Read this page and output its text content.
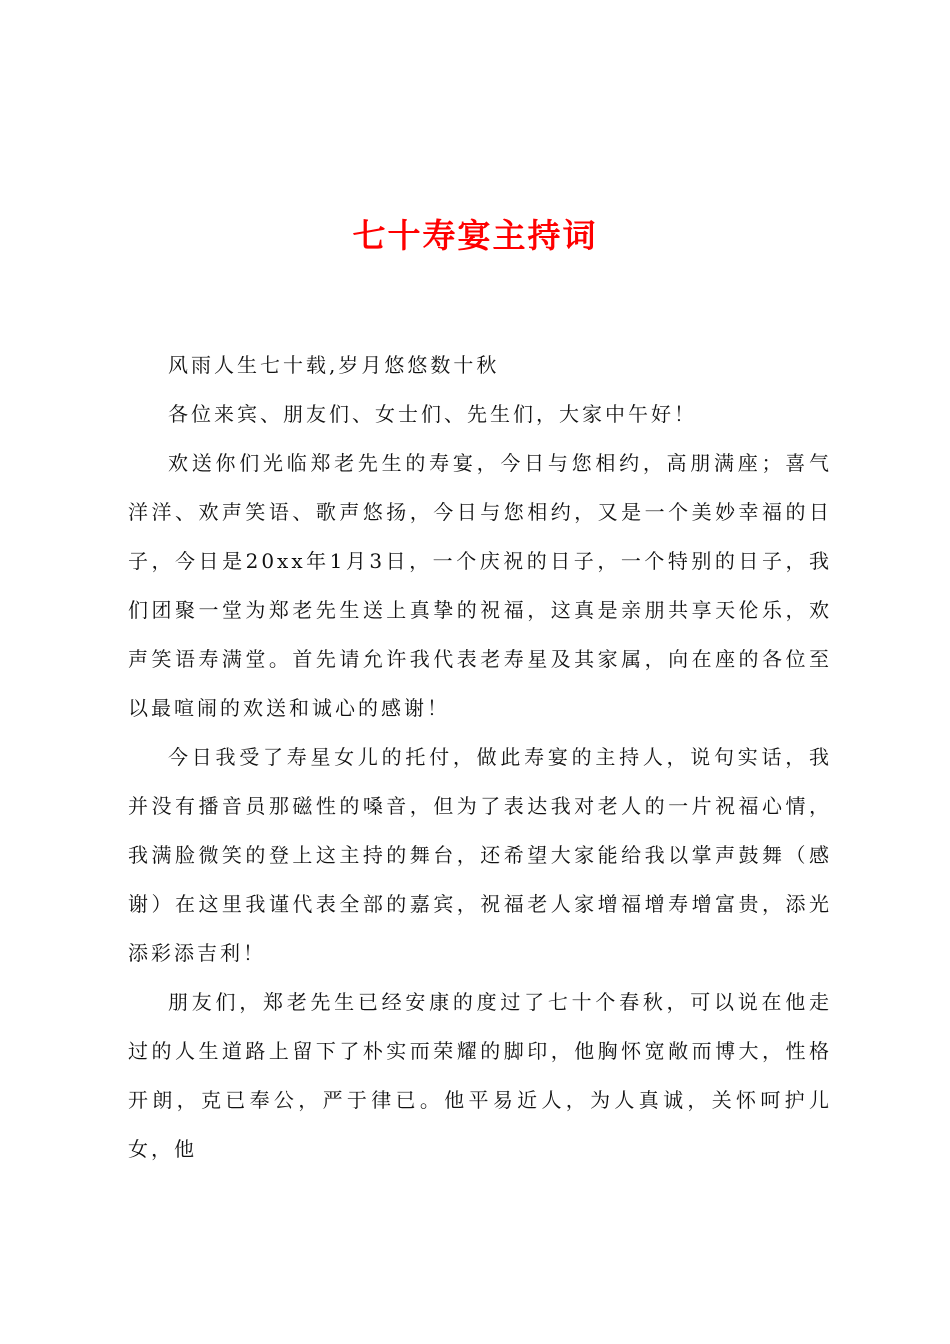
七十寿宴主持词

风雨人生七十载,岁月悠悠数十秋

各位来宾、朋友们、女士们、先生们，大家中午好！

欢送你们光临郑老先生的寿宴，今日与您相约，高朋满座；喜气洋洋、欢声笑语、歌声悠扬，今日与您相约，又是一个美妙幸福的日子，今日是20xx年1月3日，一个庆祝的日子，一个特别的日子，我们团聚一堂为郑老先生送上真挚的祝福，这真是亲朋共享天伦乐，欢声笑语寿满堂。首先请允许我代表老寿星及其家属，向在座的各位至以最喧闹的欢送和诚心的感谢！

今日我受了寿星女儿的托付，做此寿宴的主持人，说句实话，我并没有播音员那磁性的嗓音，但为了表达我对老人的一片祝福心情，我满脸微笑的登上这主持的舞台，还希望大家能给我以掌声鼓舞（感谢）在这里我谨代表全部的嘉宾，祝福老人家增福增寿增富贵，添光添彩添吉利！

朋友们，郑老先生已经安康的度过了七十个春秋，可以说在他走过的人生道路上留下了朴实而荣耀的脚印，他胸怀宽敞而博大，性格开朗，克已奉公，严于律已。他平易近人，为人真诚，关怀呵护儿女，他
